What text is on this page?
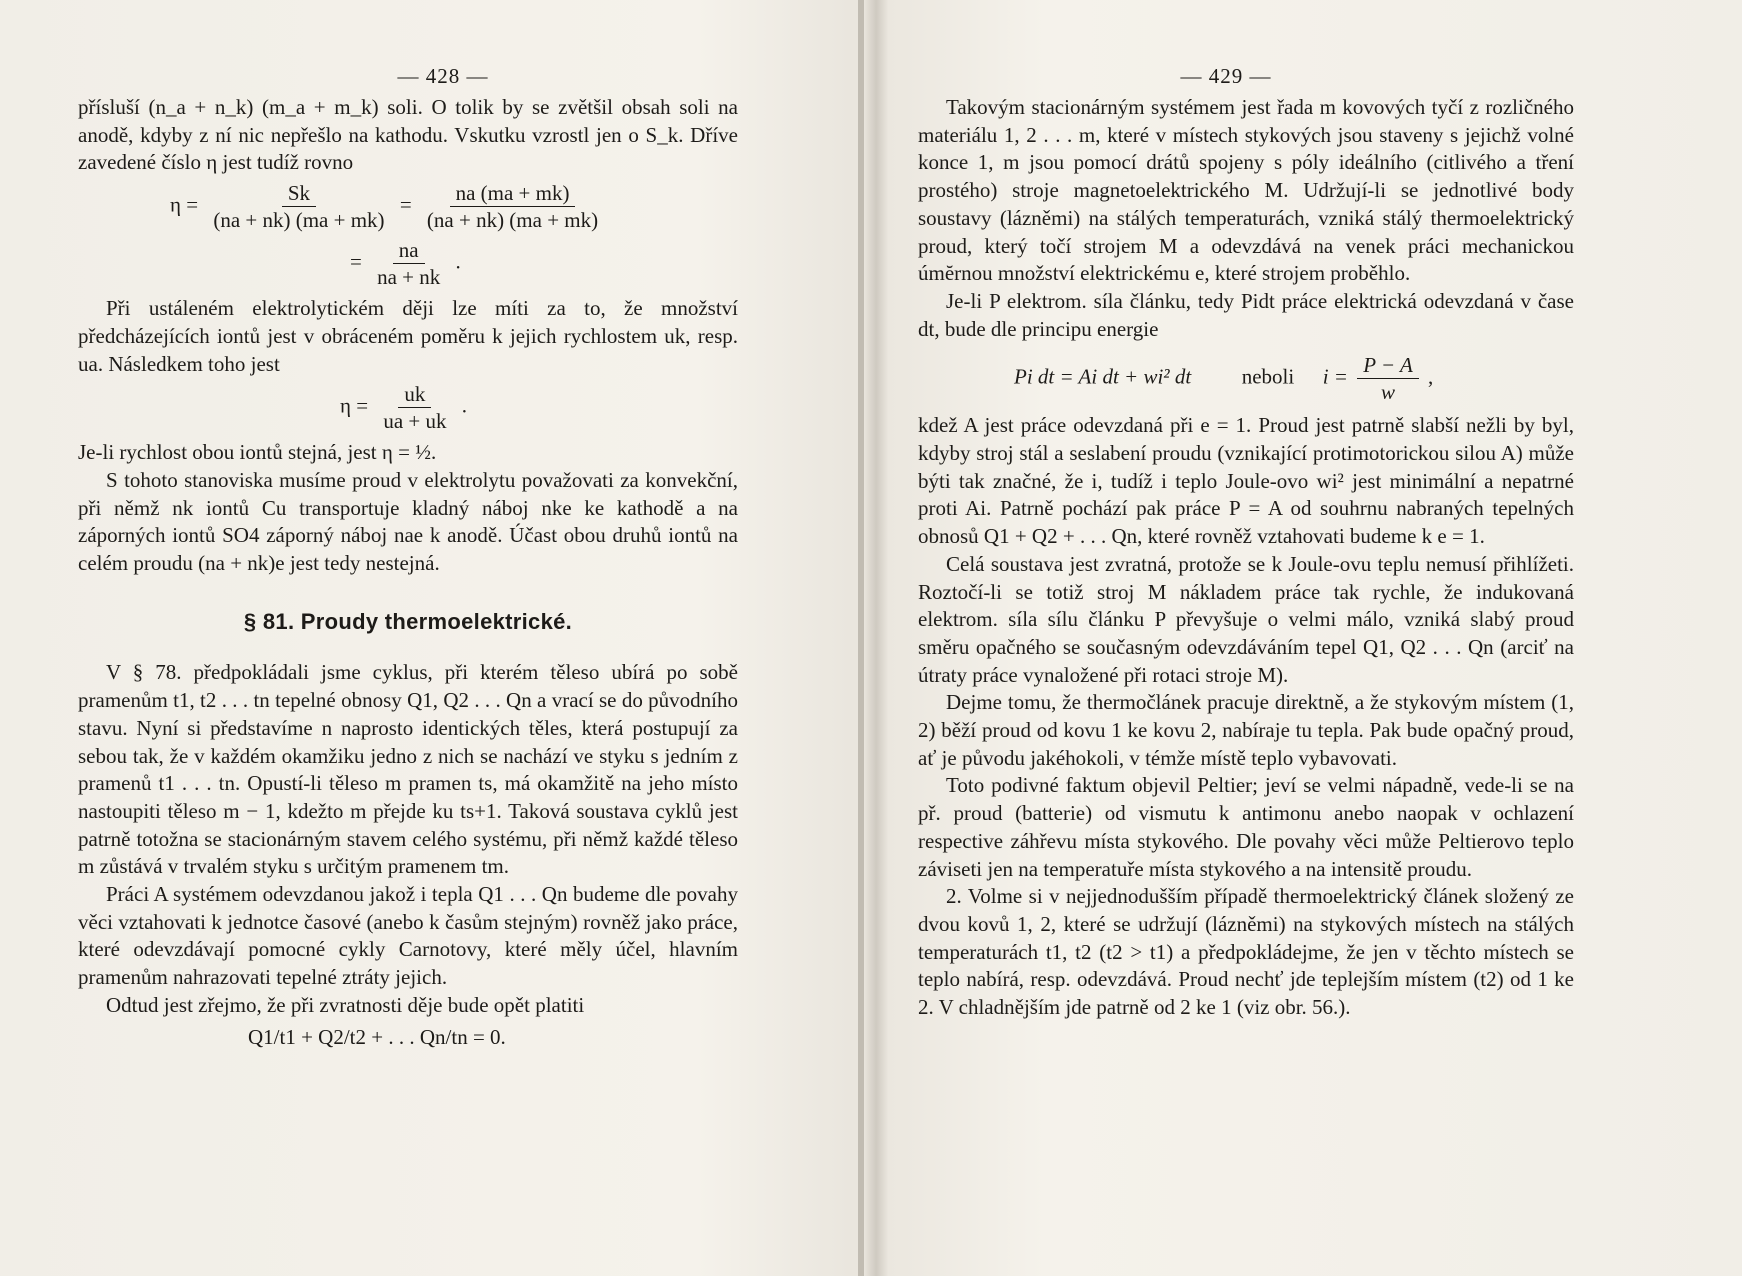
— 428 —

přísluší (n_a + n_k) (m_a + m_k) soli. O tolik by se zvětšil obsah soli na anodě, kdyby z ní nic nepřešlo na kathodu. Vskutku vzrostl jen o S_k. Dříve zavedené číslo η jest tudíž rovno

$\eta = \frac{Sk}{(na + nk) (ma + mk)} = \frac{na (ma + mk)}{(na + nk) (ma + mk)}$
= $\frac{na}{na + nk}$ .

Při ustáleném elektrolytickém ději lze míti za to, že množství předcházejících iontů jest v obráceném poměru k jejich rychlostem uk, resp. ua. Následkem toho jest

$\eta = \frac{uk}{ua + uk}$ .

Je-li rychlost obou iontů stejná, jest η = ½.

S tohoto stanoviska musíme proud v elektrolytu považovati za konvekční, při němž nk iontů Cu transportuje kladný náboj nke ke kathodě a na záporných iontů SO4 záporný náboj nae k anodě. Účast obou druhů iontů na celém proudu (na + nk)e jest tedy nestejná.

§ 81. Proudy thermoelektrické.

V § 78. předpokládali jsme cyklus, při kterém těleso ubírá po sobě pramenům t1, t2 . . . tn tepelné obnosy Q1, Q2 . . . Qn a vrací se do původního stavu. Nyní si představíme n naprosto identických těles, která postupují za sebou tak, že v každém okamžiku jedno z nich se nachází ve styku s jedním z pramenů t1 . . . tn. Opustí-li těleso m pramen ts, má okamžitě na jeho místo nastoupiti těleso m − 1, kdežto m přejde ku ts+1. Taková soustava cyklů jest patrně totožna se stacionárným stavem celého systému, při němž každé těleso m zůstává v trvalém styku s určitým pramenem tm.

Práci A systémem odevzdanou jakož i tepla Q1 . . . Qn budeme dle povahy věci vztahovati k jednotce časové (anebo k časům stejným) rovněž jako práce, které odevzdávají pomocné cykly Carnotovy, které měly účel, hlavním pramenům nahrazovati tepelné ztráty jejich.

Odtud jest zřejmo, že při zvratnosti děje bude opět platiti

Q1/t1 + Q2/t2 + . . . Qn/tn = 0.
— 429 —

Takovým stacionárným systémem jest řada m kovových tyčí z rozličného materiálu 1, 2 . . . m, které v místech stykových jsou staveny s jejichž volné konce 1, m jsou pomocí drátů spojeny s póly ideálního (citlivého a tření prostého) stroje magnetoelektrického M. Udržují-li se jednotlivé body soustavy (lázněmi) na stálých temperaturách, vzniká stálý thermoelektrický proud, který točí strojem M a odevzdává na venek práci mechanickou úmĕrnou množství elektrickému e, které strojem proběhlo.

Je-li P elektrom. síla článku, tedy Pidt práce elektrická odevzdaná v čase dt, bude dle principu energie

Pi dt = Ai dt + wi² dt neboli $i = \frac{P - A}{w}$ ,

kdež A jest práce odevzdaná při e = 1. Proud jest patrně slabší nežli by byl, kdyby stroj stál a seslabení proudu (vznikající protimotorickou silou A) může býti tak značné, že i, tudíž i teplo Joule-ovo wi² jest minimální a nepatrné proti Ai. Patrně pochází pak práce P = A od souhrnu nabraných tepelných obnosů Q1 + Q2 + . . . Qn, které rovněž vztahovati budeme k e = 1.

Celá soustava jest zvratná, protože se k Joule-ovu teplu nemusí přihlížeti. Roztočí-li se totiž stroj M nákladem práce tak rychle, že indukovaná elektrom. síla sílu článku P převyšuje o velmi málo, vzniká slabý proud směru opačného se současným odevzdáváním tepel Q1, Q2 . . . Qn (arciť na útraty práce vynaložené při rotaci stroje M).

Dejme tomu, že thermočlánek pracuje direktně, a že stykovým místem (1, 2) běží proud od kovu 1 ke kovu 2, nabíraje tu tepla. Pak bude opačný proud, ať je původu jakéhokoli, v témže místě teplo vybavovati.

Toto podivné faktum objevil Peltier; jeví se velmi nápadně, vede-li se na př. proud (batterie) od vismutu k antimonu anebo naopak v ochlazení respective záhřevu místa stykového. Dle povahy věci může Peltierovo teplo záviseti jen na temperatuře místa stykového a na intensitě proudu.

2. Volme si v nejjednodušším případě thermoelektrický článek složený ze dvou kovů 1, 2, které se udržují (lázněmi) na stykových místech na stálých temperaturách t1, t2 (t2 > t1) a předpokládejme, že jen v těchto místech se teplo nabírá, resp. odevzdává. Proud nechť jde teplejším místem (t2) od 1 ke 2. V chladnějším jde patrně od 2 ke 1 (viz obr. 56.).
